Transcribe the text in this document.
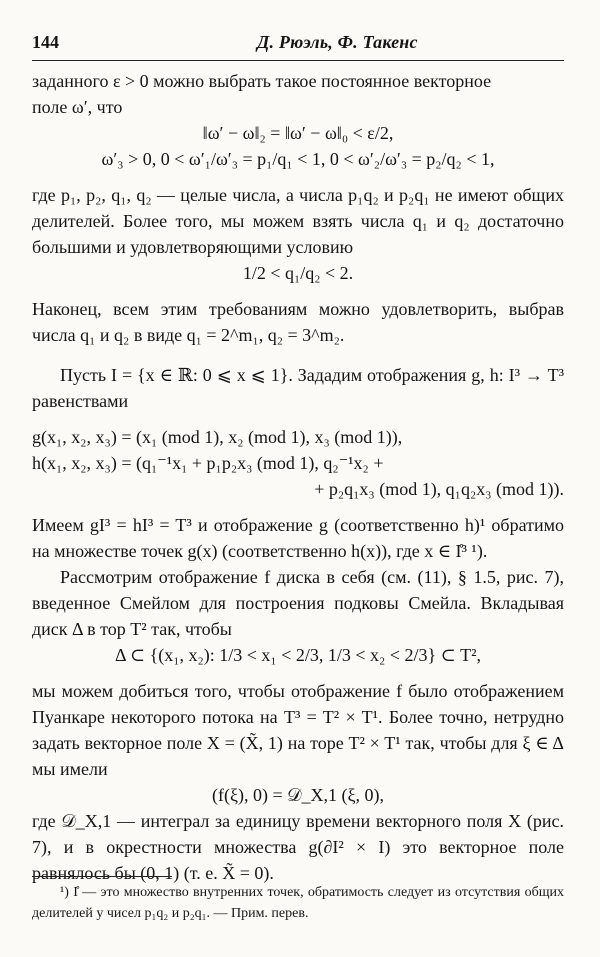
144	Д. Рюэль, Ф. Такенс

заданного ε > 0 можно выбрать такое постоянное векторное

поле ω′, что

‖ω′ − ω‖₂ = ‖ω′ − ω‖₀ < ε/2,

ω′₃ > 0, 0 < ω′₁/ω′₃ = p₁/q₁ < 1, 0 < ω′₂/ω′₃ = p₂/q₂ < 1,

где p₁, p₂, q₁, q₂ — целые числа, а числа p₁q₂ и p₂q₁ не имеют общих делителей. Более того, мы можем взять числа q₁ и q₂ достаточно большими и удовлетворяющими условию

1/2 < q₁/q₂ < 2.

Наконец, всем этим требованиям можно удовлетворить, выбрав числа q₁ и q₂ в виде q₁ = 2^m₁, q₂ = 3^m₂.

Пусть I = {x ∈ ℝ: 0 ⩽ x ⩽ 1}. Зададим отображения g, h: I³ → T³ равенствами

g(x₁, x₂, x₃) = (x₁ (mod 1), x₂ (mod 1), x₃ (mod 1)),

h(x₁, x₂, x₃) = (q₁⁻¹x₁ + p₁p₂x₃ (mod 1), q₂⁻¹x₂ +

+ p₂q₁x₃ (mod 1), q₁q₂x₃ (mod 1)).

Имеем gI³ = hI³ = T³ и отображение g (соответственно h)¹ обратимо на множестве точек g(x) (соответственно h(x)), где x ∈ I̊³ ¹).

Рассмотрим отображение f диска в себя (см. (11), § 1.5, рис. 7), введенное Смейлом для построения подковы Смейла. Вкладывая диск Δ в тор T² так, чтобы

Δ ⊂ {(x₁, x₂): 1/3 < x₁ < 2/3, 1/3 < x₂ < 2/3} ⊂ T²,

мы можем добиться того, чтобы отображение f было отображением Пуанкаре некоторого потока на T³ = T² × T¹. Более точно, нетрудно задать векторное поле X = (X̃, 1) на торе T² × T¹ так, чтобы для ξ ∈ Δ мы имели

(f(ξ), 0) = 𝒟_X,1 (ξ, 0),

где 𝒟_X,1 — интеграл за единицу времени векторного поля X (рис. 7), и в окрестности множества g(∂I² × I) это векторное поле равнялось бы (0, 1) (т. е. X̃ = 0).

¹) I̊ — это множество внутренних точек, обратимость следует из отсутствия общих делителей у чисел p₁q₂ и p₂q₁. — Прим. перев.
